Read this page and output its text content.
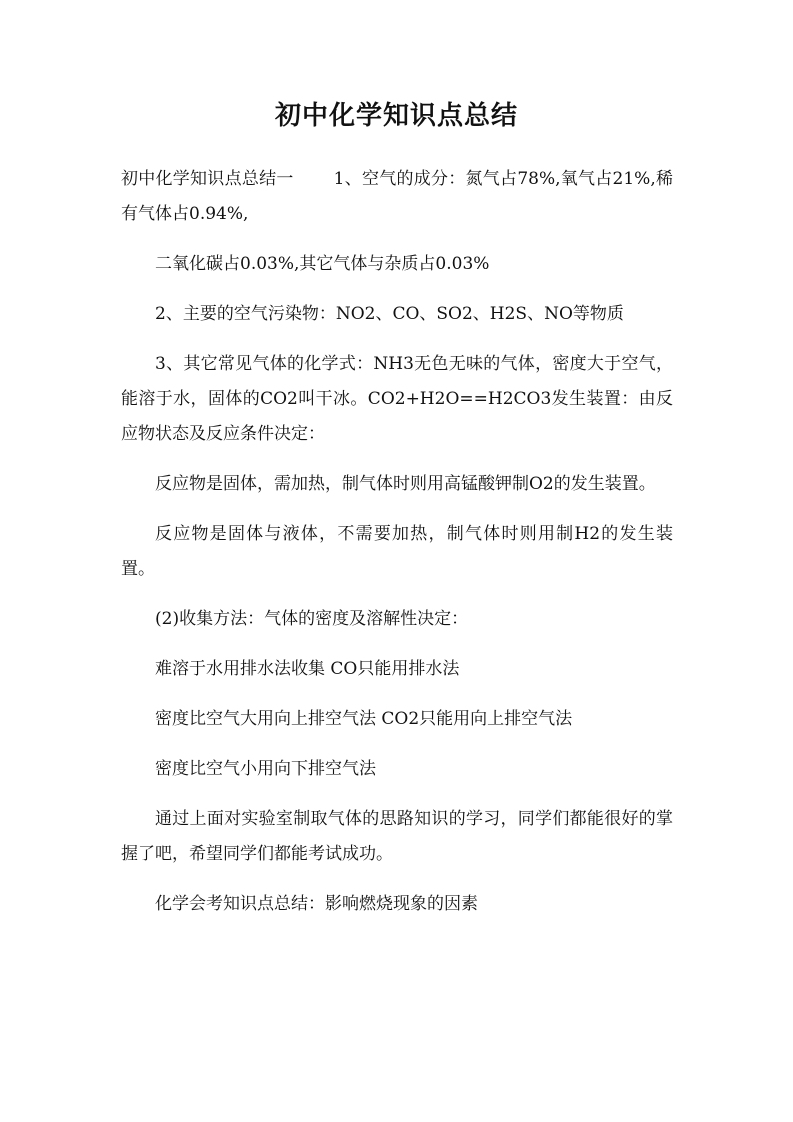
初中化学知识点总结

初中化学知识点总结一 1、空气的成分：氮气占78%,氧气占21%,稀有气体占0.94%,

二氧化碳占0.03%,其它气体与杂质占0.03%

2、主要的空气污染物：NO2、CO、SO2、H2S、NO等物质

3、其它常见气体的化学式：NH3无色无味的气体，密度大于空气，能溶于水，固体的CO2叫干冰。CO2+H2O==H2CO3发生装置：由反应物状态及反应条件决定：

反应物是固体，需加热，制气体时则用高锰酸钾制O2的发生装置。

反应物是固体与液体，不需要加热，制气体时则用制H2的发生装置。

(2)收集方法：气体的密度及溶解性决定：

难溶于水用排水法收集 CO只能用排水法

密度比空气大用向上排空气法 CO2只能用向上排空气法

密度比空气小用向下排空气法

通过上面对实验室制取气体的思路知识的学习，同学们都能很好的掌握了吧，希望同学们都能考试成功。

化学会考知识点总结：影响燃烧现象的因素
